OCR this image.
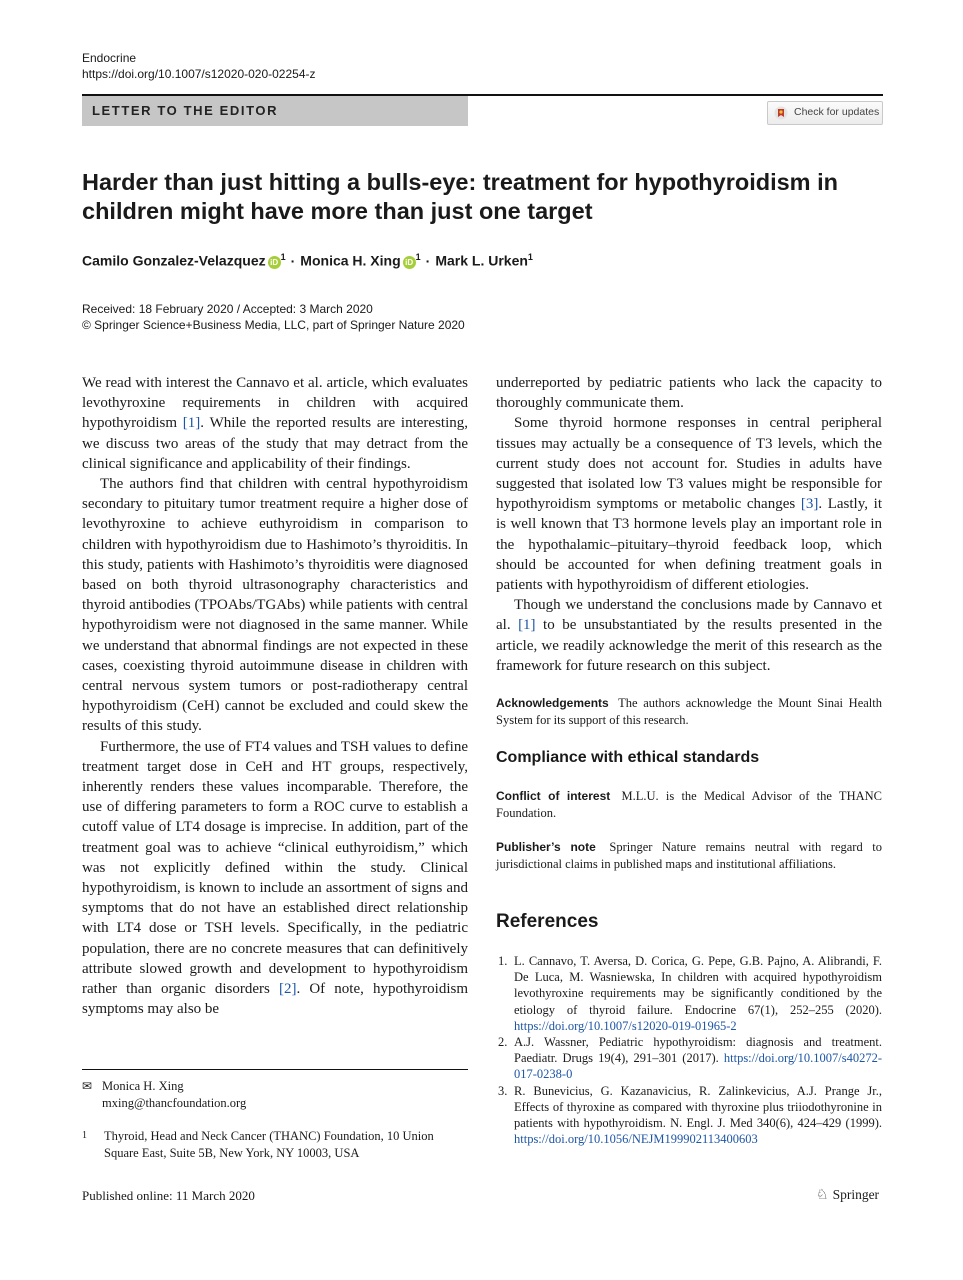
Endocrine
https://doi.org/10.1007/s12020-020-02254-z
LETTER TO THE EDITOR	Check for updates
Harder than just hitting a bulls-eye: treatment for hypothyroidism in children might have more than just one target
Camilo Gonzalez-Velazquez $iD^1$ · Monica H. Xing $iD^1$ · Mark L. Urken$^1$
Received: 18 February 2020 / Accepted: 3 March 2020
© Springer Science+Business Media, LLC, part of Springer Nature 2020

We read with interest the Cannavo et al. article, which evaluates levothyroxine requirements in children with acquired hypothyroidism [1]. While the reported results are interesting, we discuss two areas of the study that may detract from the clinical significance and applicability of their findings.

The authors find that children with central hypothyroidism secondary to pituitary tumor treatment require a higher dose of levothyroxine to achieve euthyroidism in comparison to children with hypothyroidism due to Hashimoto’s thyroiditis. In this study, patients with Hashimoto’s thyroiditis were diagnosed based on both thyroid ultrasonography characteristics and thyroid antibodies (TPOAbs/TGAbs) while patients with central hypothyroidism were not diagnosed in the same manner. While we understand that abnormal findings are not expected in these cases, coexisting thyroid autoimmune disease in children with central nervous system tumors or post-radiotherapy central hypothyroidism (CeH) cannot be excluded and could skew the results of this study.

Furthermore, the use of FT4 values and TSH values to define treatment target dose in CeH and HT groups, respectively, inherently renders these values incomparable. Therefore, the use of differing parameters to form a ROC curve to establish a cutoff value of LT4 dosage is imprecise. In addition, part of the treatment goal was to achieve “clinical euthyroidism,” which was not explicitly defined within the study. Clinical hypothyroidism, is known to include an assortment of signs and symptoms that do not have an established direct relationship with LT4 dose or TSH levels. Specifically, in the pediatric population, there are no concrete measures that can definitively attribute slowed growth and development to hypothyroidism rather than organic disorders [2]. Of note, hypothyroidism symptoms may also be

underreported by pediatric patients who lack the capacity to thoroughly communicate them.

Some thyroid hormone responses in central peripheral tissues may actually be a consequence of T3 levels, which the current study does not account for. Studies in adults have suggested that isolated low T3 values might be responsible for hypothyroidism symptoms or metabolic changes [3]. Lastly, it is well known that T3 hormone levels play an important role in the hypothalamic–pituitary–thyroid feedback loop, which should be accounted for when defining treatment goals in patients with hypothyroidism of different etiologies.

Though we understand the conclusions made by Cannavo et al. [1] to be unsubstantiated by the results presented in the article, we readily acknowledge the merit of this research as the framework for future research on this subject.

✉ Monica H. Xing
mxing@thancfoundation.org
1 Thyroid, Head and Neck Cancer (THANC) Foundation, 10 Union Square East, Suite 5B, New York, NY 10003, USA
Acknowledgements The authors acknowledge the Mount Sinai Health System for its support of this research.
Compliance with ethical standards
Conflict of interest M.L.U. is the Medical Advisor of the THANC Foundation.
Publisher’s note Springer Nature remains neutral with regard to jurisdictional claims in published maps and institutional affiliations.
References
1. L. Cannavo, T. Aversa, D. Corica, G. Pepe, G.B. Pajno, A. Alibrandi, F. De Luca, M. Wasniewska, In children with acquired hypothyroidism levothyroxine requirements may be significantly conditioned by the etiology of thyroid failure. Endocrine 67(1), 252–255 (2020). https://doi.org/10.1007/s12020-019-01965-2
2. A.J. Wassner, Pediatric hypothyroidism: diagnosis and treatment. Paediatr. Drugs 19(4), 291–301 (2017). https://doi.org/10.1007/s40272-017-0238-0
3. R. Bunevicius, G. Kazanavicius, R. Zalinkevicius, A.J. Prange Jr., Effects of thyroxine as compared with thyroxine plus triiodothyronine in patients with hypothyroidism. N. Engl. J. Med 340(6), 424–429 (1999). https://doi.org/10.1056/NEJM199902113400603
Published online: 11 March 2020	♘ Springer
